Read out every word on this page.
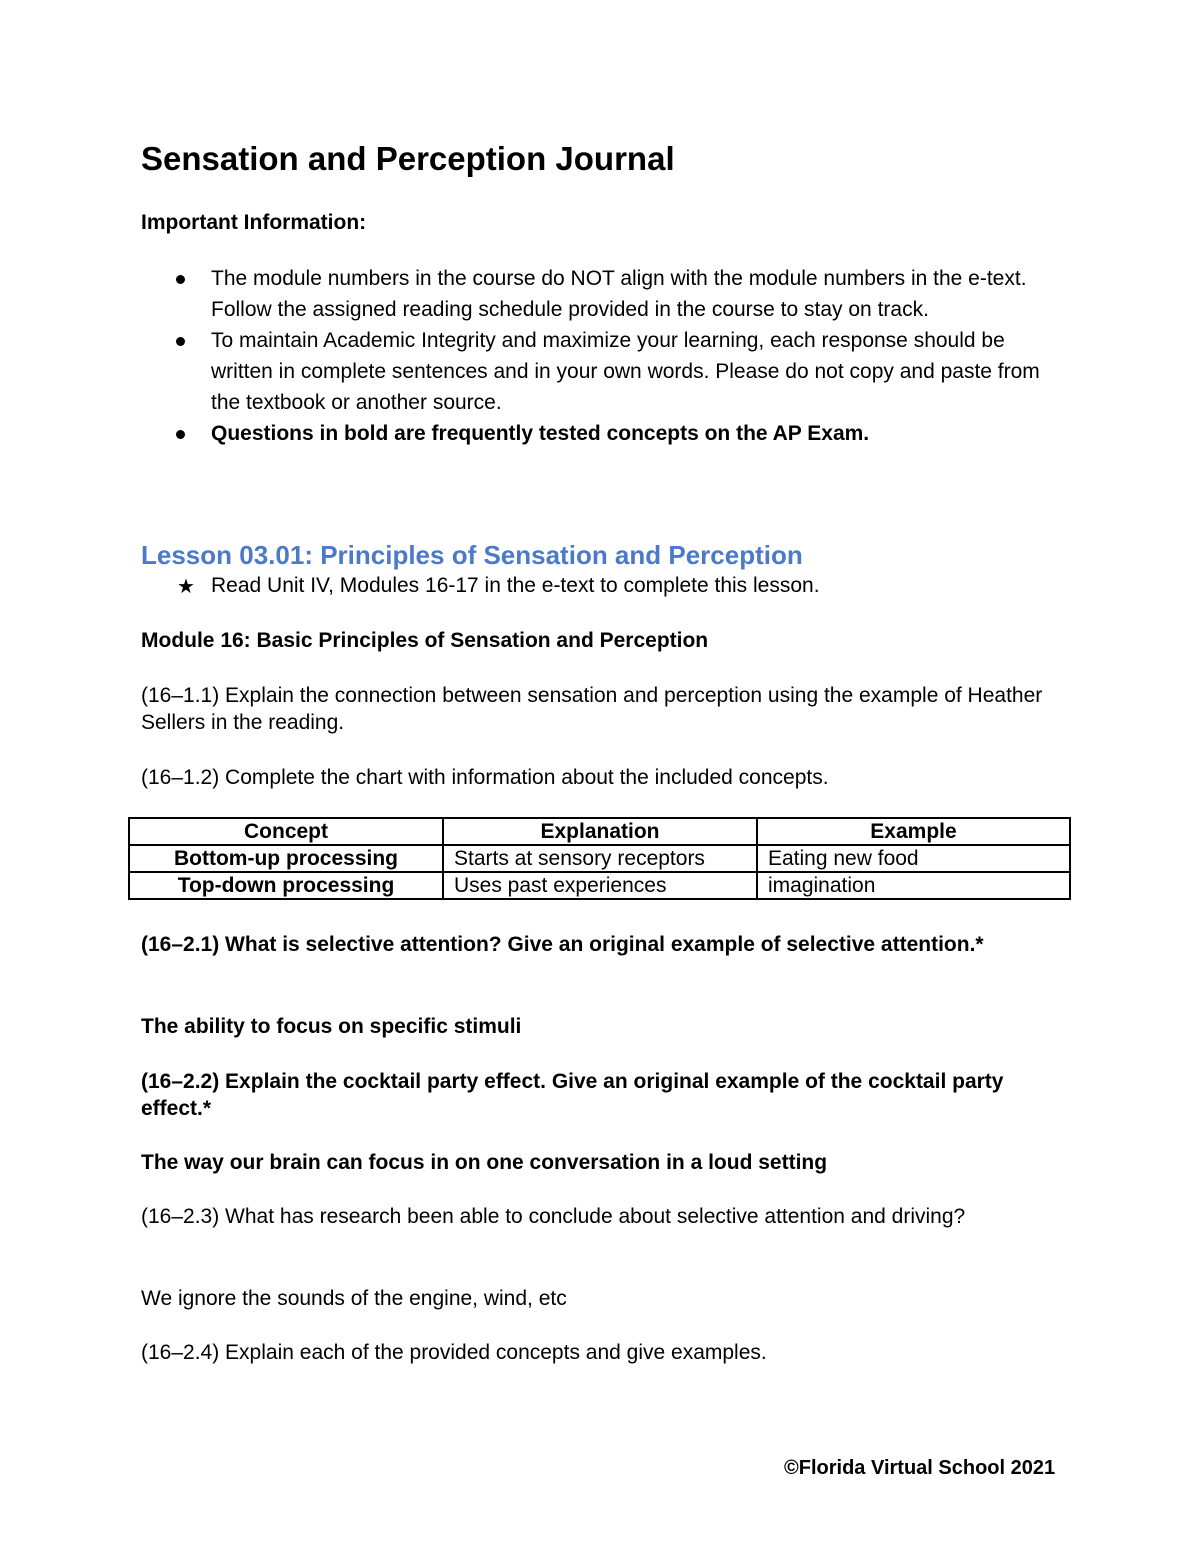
Sensation and Perception Journal

Important Information:

The module numbers in the course do NOT align with the module numbers in the e-text. Follow the assigned reading schedule provided in the course to stay on track.
To maintain Academic Integrity and maximize your learning, each response should be written in complete sentences and in your own words. Please do not copy and paste from the textbook or another source.
Questions in bold are frequently tested concepts on the AP Exam.
Lesson 03.01: Principles of Sensation and Perception
★ Read Unit IV, Modules 16-17 in the e-text to complete this lesson.

Module 16: Basic Principles of Sensation and Perception

(16–1.1) Explain the connection between sensation and perception using the example of Heather Sellers in the reading.

(16–1.2) Complete the chart with information about the included concepts.

Concept	Explanation	Example
Bottom-up processing	Starts at sensory receptors	Eating new food
Top-down processing	Uses past experiences	imagination

(16–2.1) What is selective attention? Give an original example of selective attention.*

The ability to focus on specific stimuli

(16–2.2) Explain the cocktail party effect. Give an original example of the cocktail party effect.*

The way our brain can focus in on one conversation in a loud setting

(16–2.3) What has research been able to conclude about selective attention and driving?

We ignore the sounds of the engine, wind, etc

(16–2.4) Explain each of the provided concepts and give examples.

©Florida Virtual School 2021
